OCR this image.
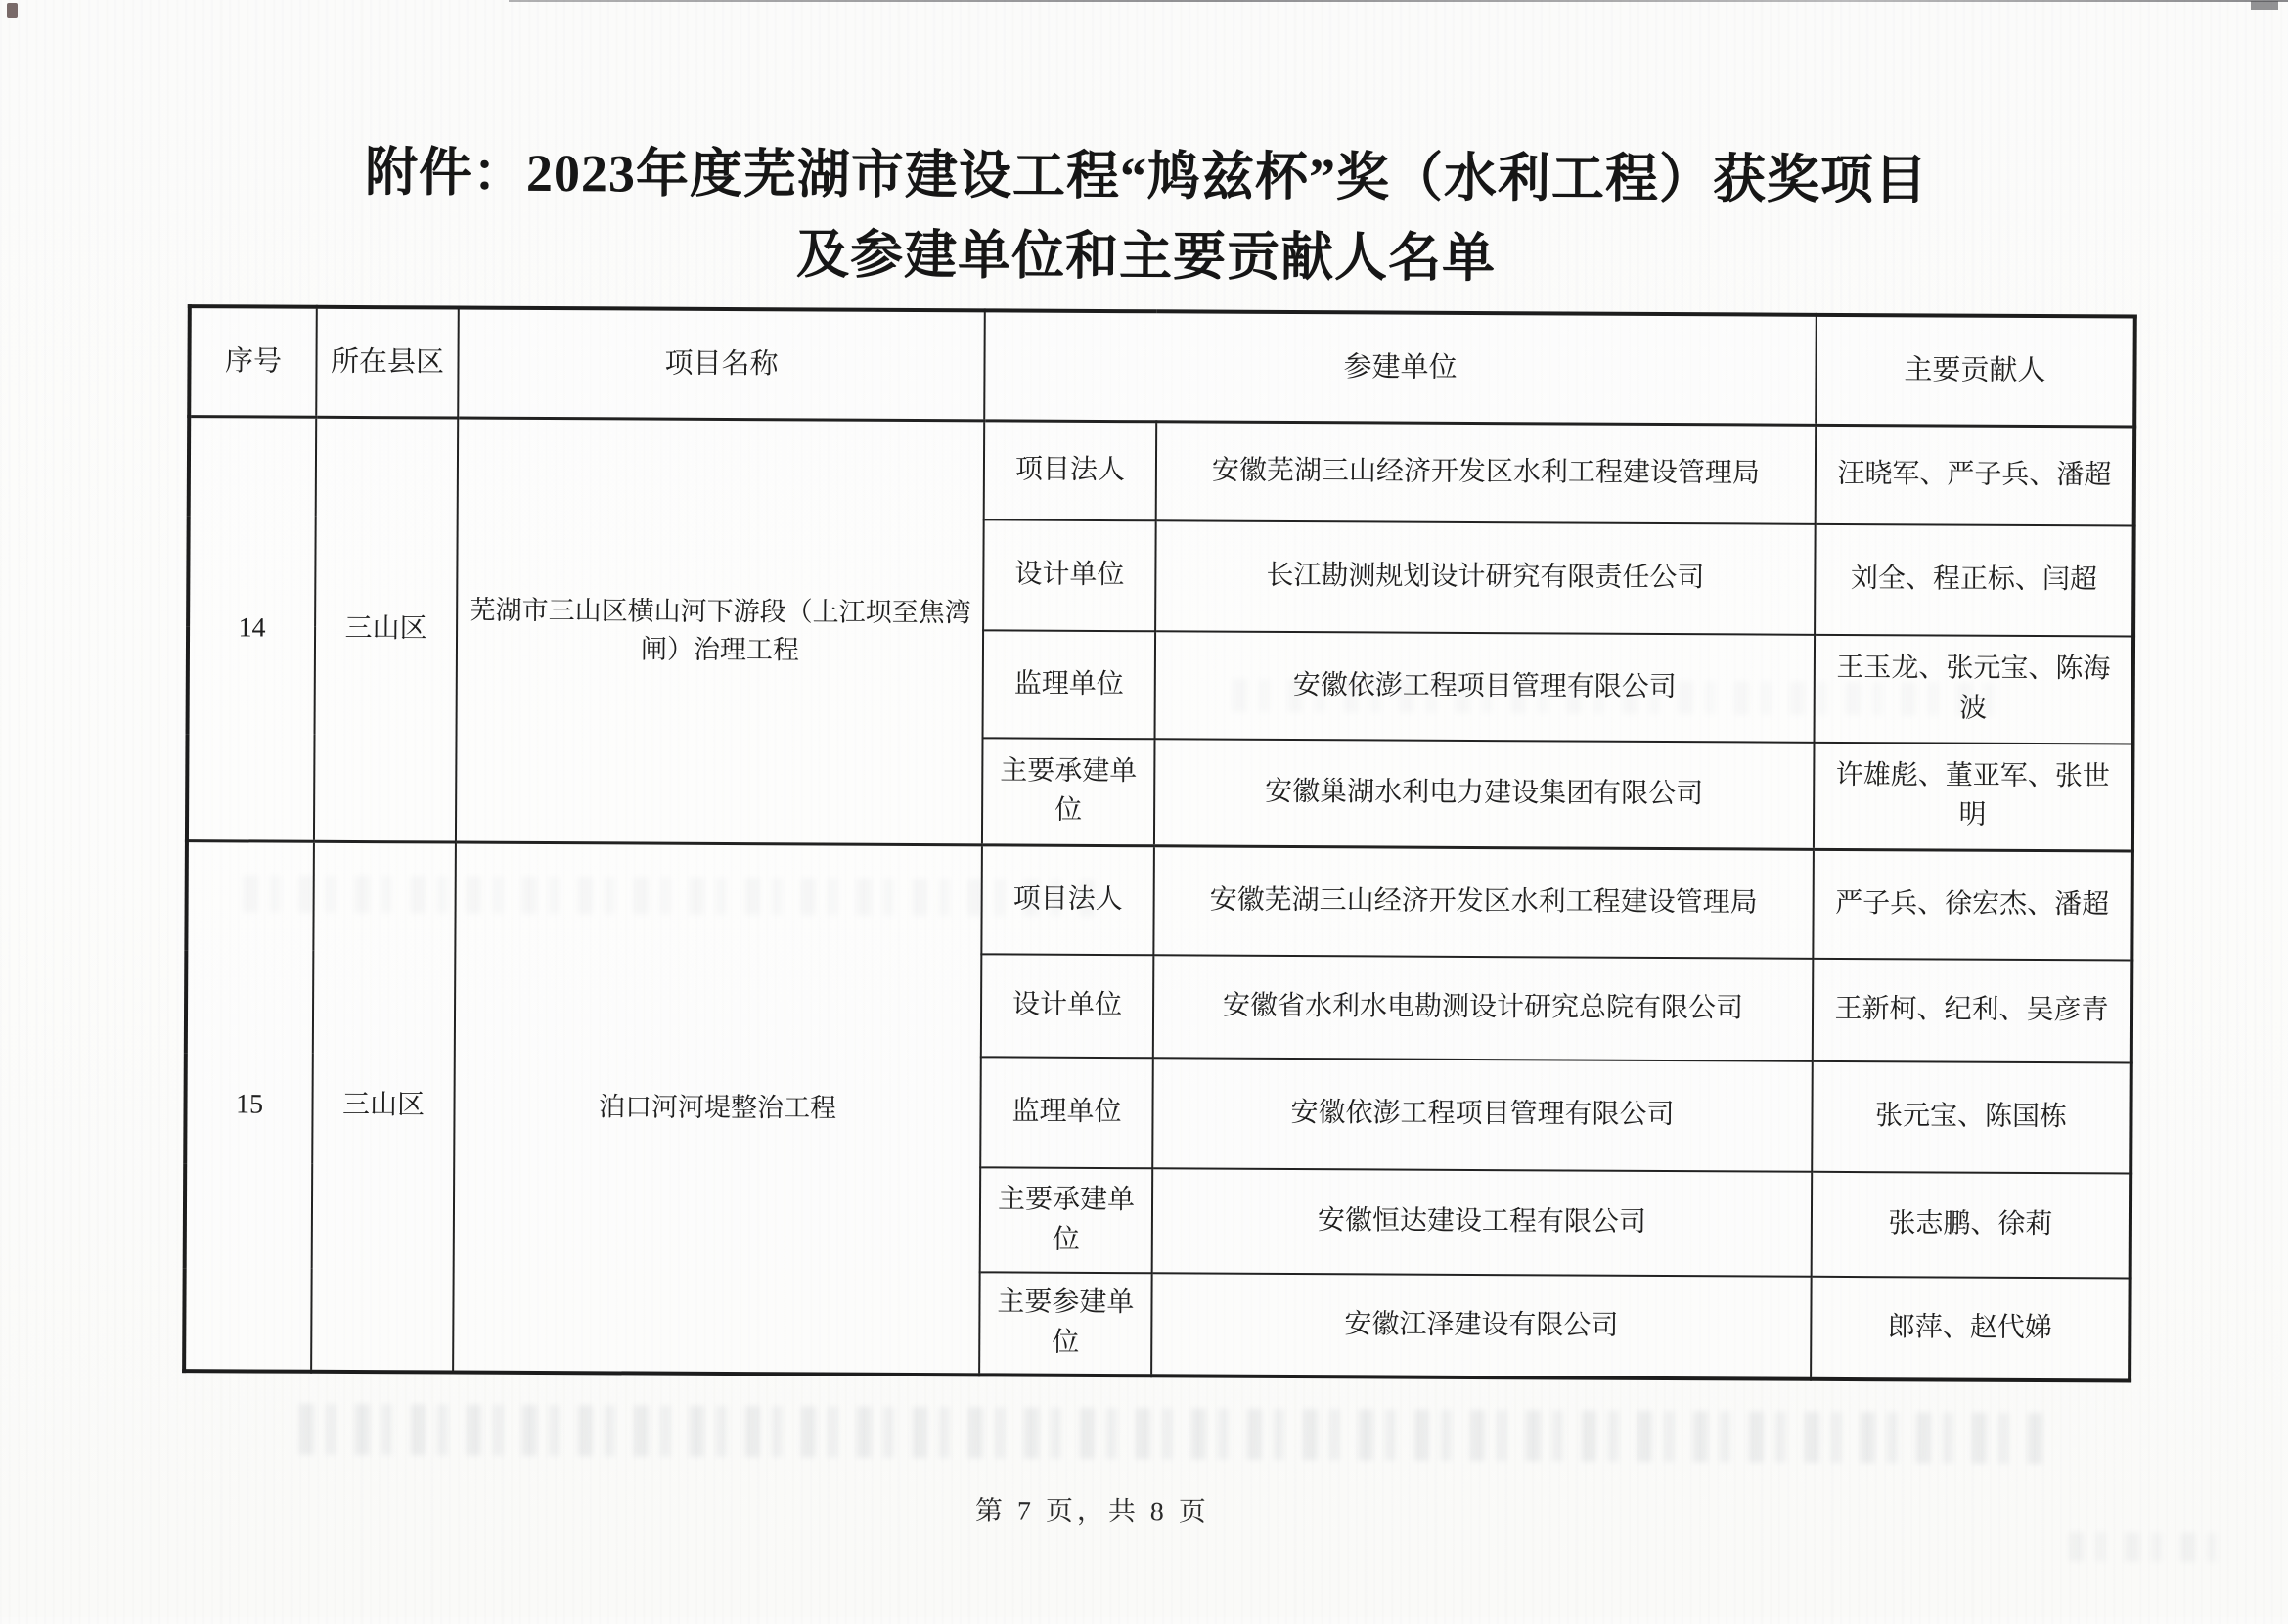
附件：2023年度芜湖市建设工程“鸠兹杯”奖（水利工程）获奖项目
及参建单位和主要贡献人名单
序号	所在县区	项目名称	参建单位		主要贡献人
14	三山区	芜湖市三山区横山河下游段（上江坝至焦湾闸）治理工程	项目法人	安徽芜湖三山经济开发区水利工程建设管理局	汪晓军、严子兵、潘超
			设计单位	长江勘测规划设计研究有限责任公司	刘全、程正标、闫超
			监理单位	安徽依澎工程项目管理有限公司	王玉龙、张元宝、陈海波
			主要承建单位	安徽巢湖水利电力建设集团有限公司	许雄彪、董亚军、张世明
15	三山区	泊口河河堤整治工程	项目法人	安徽芜湖三山经济开发区水利工程建设管理局	严子兵、徐宏杰、潘超
			设计单位	安徽省水利水电勘测设计研究总院有限公司	王新柯、纪利、吴彦青
			监理单位	安徽依澎工程项目管理有限公司	张元宝、陈国栋
			主要承建单位	安徽恒达建设工程有限公司	张志鹏、徐莉
			主要参建单位	安徽江泽建设有限公司	郎萍、赵代娣
第 7 页，共 8 页
